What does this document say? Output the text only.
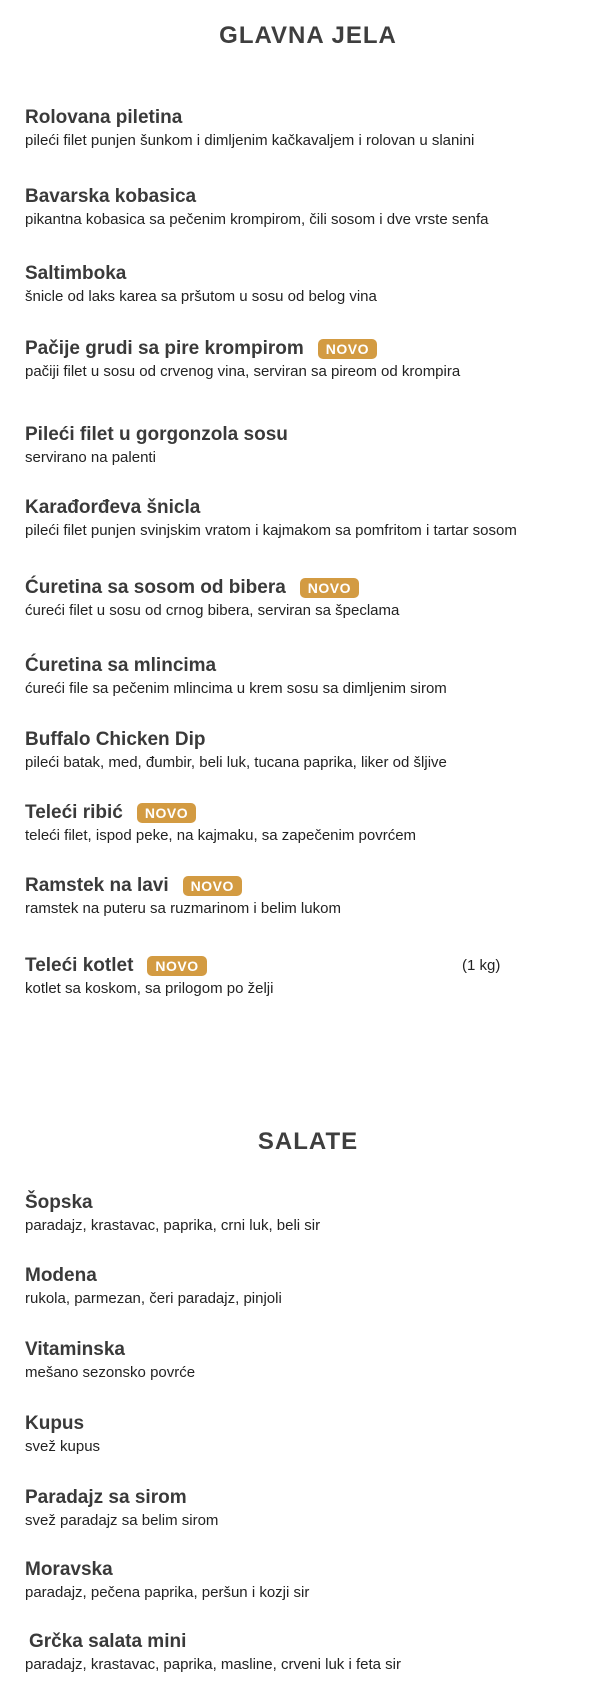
GLAVNA JELA
Rolovana piletina
pileći filet punjen šunkom i dimljenim kačkavaljem i rolovan u slanini
Bavarska kobasica
pikantna kobasica sa pečenim krompirom, čili sosom i dve vrste senfa
Saltimboka
šnicle od laks karea sa pršutom u sosu od belog vina
Pačije grudi sa pire krompirom	NOVO
pačiji filet u sosu od crvenog vina, serviran sa pireom od krompira
Pileći filet u gorgonzola sosu
servirano na palenti
Karađorđeva šnicla
pileći filet punjen svinjskim vratom i kajmakom sa pomfritom i tartar sosom
Ćuretina sa sosom od bibera	NOVO
ćureći filet u sosu od crnog bibera, serviran sa špeclama
Ćuretina sa mlincima
ćureći file sa pečenim mlincima u krem sosu sa dimljenim sirom
Buffalo Chicken Dip
pileći batak, med, đumbir, beli luk, tucana paprika, liker od šljive
Teleći ribić	NOVO
teleći filet, ispod peke, na kajmaku, sa zapečenim povrćem
Ramstek na lavi	NOVO
ramstek na puteru sa ruzmarinom i belim lukom
Teleći kotlet	NOVO	(1 kg)
kotlet sa koskom, sa prilogom po želji
SALATE
Šopska
paradajz, krastavac, paprika, crni luk, beli sir
Modena
rukola, parmezan, čeri paradajz, pinjoli
Vitaminska
mešano sezonsko povrće
Kupus
svež kupus
Paradajz sa sirom
svež paradajz sa belim sirom
Moravska
paradajz, pečena paprika, peršun i kozji sir
Grčka salata mini
paradajz, krastavac, paprika, masline, crveni luk i feta sir
